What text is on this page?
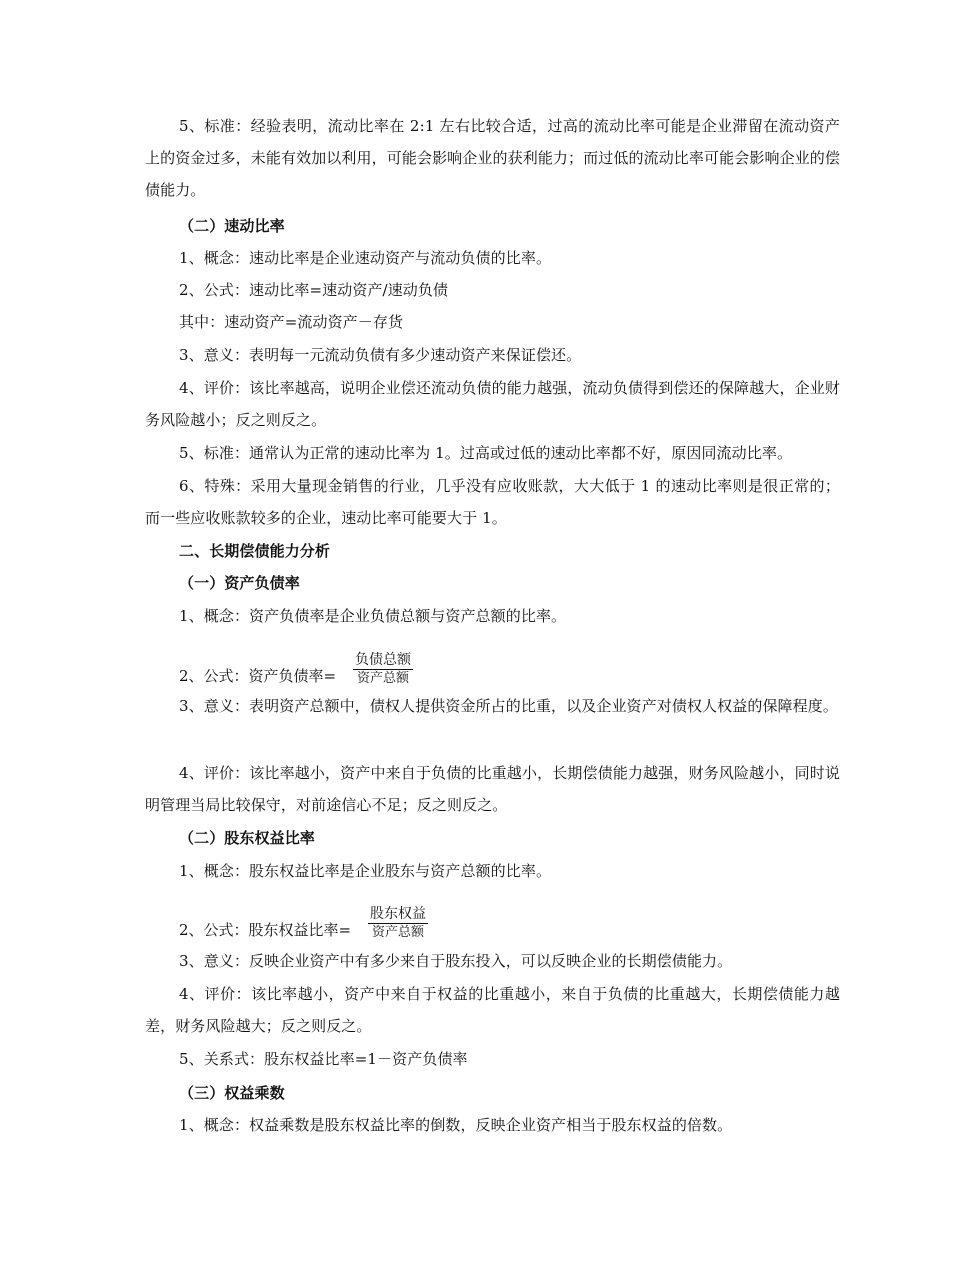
5、标准：经验表明，流动比率在 2:1 左右比较合适，过高的流动比率可能是企业滞留在流动资产上的资金过多，未能有效加以利用，可能会影响企业的获利能力；而过低的流动比率可能会影响企业的偿债能力。
（二）速动比率
1、概念：速动比率是企业速动资产与流动负债的比率。
2、公式：速动比率=速动资产/速动负债
其中：速动资产=流动资产－存货
3、意义：表明每一元流动负债有多少速动资产来保证偿还。
4、评价：该比率越高，说明企业偿还流动负债的能力越强，流动负债得到偿还的保障越大，企业财务风险越小；反之则反之。
5、标准：通常认为正常的速动比率为 1。过高或过低的速动比率都不好，原因同流动比率。
6、特殊：采用大量现金销售的行业，几乎没有应收账款，大大低于 1 的速动比率则是很正常的；而一些应收账款较多的企业，速动比率可能要大于 1。
二、长期偿债能力分析
（一）资产负债率
1、概念：资产负债率是企业负债总额与资产总额的比率。
2、公式：资产负债率=
负债总额
资产总额
3、意义：表明资产总额中，债权人提供资金所占的比重，以及企业资产对债权人权益的保障程度。
4、评价：该比率越小，资产中来自于负债的比重越小，长期偿债能力越强，财务风险越小，同时说明管理当局比较保守，对前途信心不足；反之则反之。
（二）股东权益比率
1、概念：股东权益比率是企业股东与资产总额的比率。
2、公式：股东权益比率=
股东权益
资产总额
3、意义：反映企业资产中有多少来自于股东投入，可以反映企业的长期偿债能力。
4、评价：该比率越小，资产中来自于权益的比重越小，来自于负债的比重越大，长期偿债能力越差，财务风险越大；反之则反之。
5、关系式：股东权益比率=1－资产负债率
（三）权益乘数
1、概念：权益乘数是股东权益比率的倒数，反映企业资产相当于股东权益的倍数。
